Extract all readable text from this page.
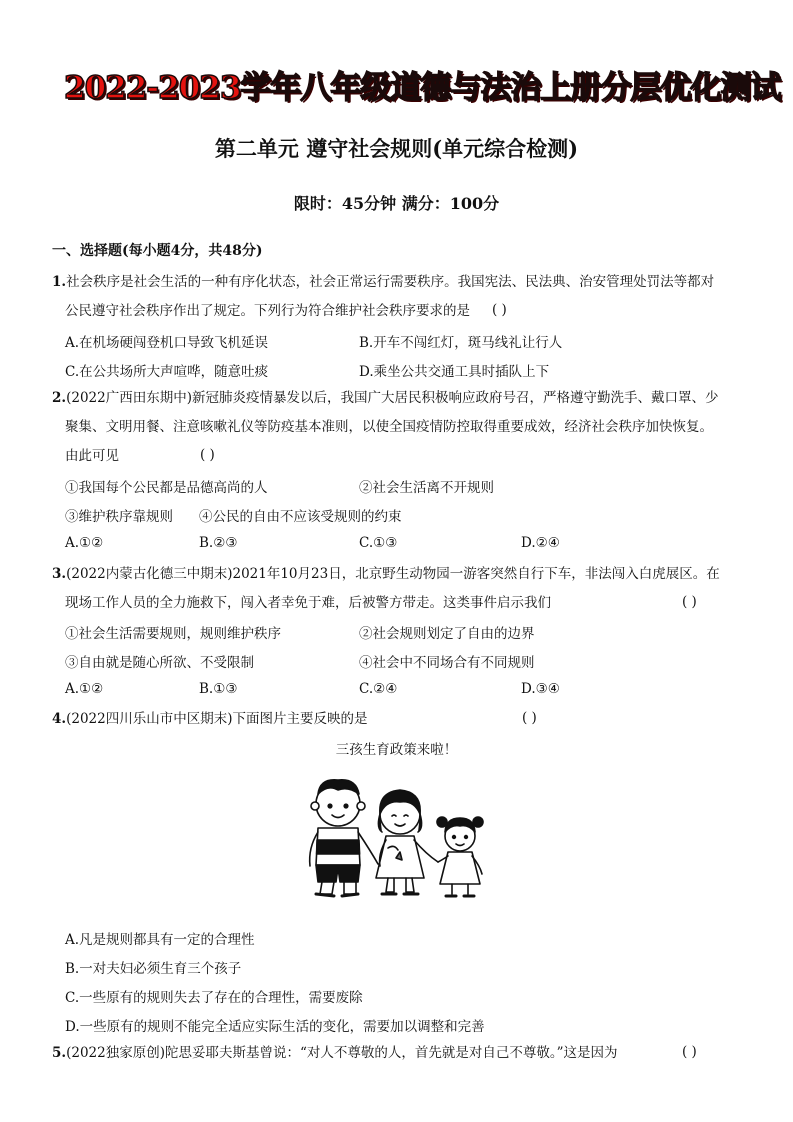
2022-2023学年八年级道德与法治上册分层优化测试
第二单元 遵守社会规则(单元综合检测)
限时：45分钟 满分：100分
一、选择题(每小题4分，共48分)
1.社会秩序是社会生活的一种有序化状态，社会正常运行需要秩序。我国宪法、民法典、治安管理处罚法等都对
公民遵守社会秩序作出了规定。下列行为符合维护社会秩序要求的是 ( )
A.在机场硬闯登机口导致飞机延误	B.开车不闯红灯，斑马线礼让行人
C.在公共场所大声喧哗，随意吐痰	D.乘坐公共交通工具时插队上下
2.(2022广西田东期中)新冠肺炎疫情暴发以后，我国广大居民积极响应政府号召，严格遵守勤洗手、戴口罩、少
聚集、文明用餐、注意咳嗽礼仪等防疫基本准则，以使全国疫情防控取得重要成效，经济社会秩序加快恢复。
由此可见	( )
①我国每个公民都是品德高尚的人	②社会生活离不开规则
③维护秩序靠规则 ④公民的自由不应该受规则的约束
A.①②	B.②③	C.①③	D.②④
3.(2022内蒙古化德三中期末)2021年10月23日，北京野生动物园一游客突然自行下车，非法闯入白虎展区。在
现场工作人员的全力施救下，闯入者幸免于难，后被警方带走。这类事件启示我们	( )
①社会生活需要规则，规则维护秩序	②社会规则划定了自由的边界
③自由就是随心所欲、不受限制	④社会中不同场合有不同规则
A.①②	B.①③	C.②④	D.③④
4.(2022四川乐山市中区期末)下面图片主要反映的是	( )
三孩生育政策来啦！
A.凡是规则都具有一定的合理性
B.一对夫妇必须生育三个孩子
C.一些原有的规则失去了存在的合理性，需要废除
D.一些原有的规则不能完全适应实际生活的变化，需要加以调整和完善
5.(2022独家原创)陀思妥耶夫斯基曾说：“对人不尊敬的人，首先就是对自己不尊敬。”这是因为	( )
